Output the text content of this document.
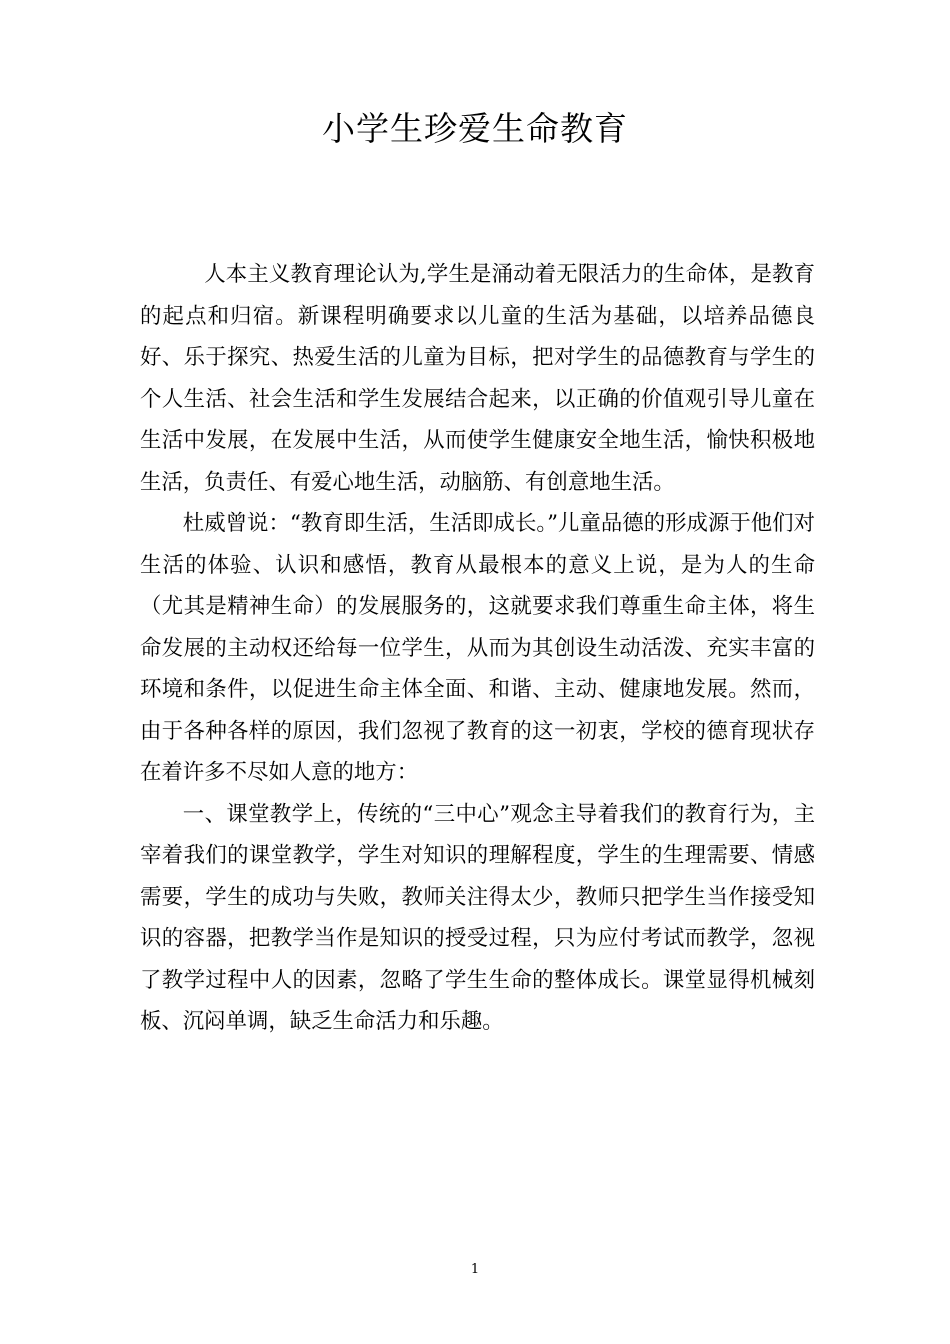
小学生珍爱生命教育

人本主义教育理论认为,学生是涌动着无限活力的生命体，是教育的起点和归宿。新课程明确要求以儿童的生活为基础，以培养品德良好、乐于探究、热爱生活的儿童为目标，把对学生的品德教育与学生的个人生活、社会生活和学生发展结合起来，以正确的价值观引导儿童在生活中发展，在发展中生活，从而使学生健康安全地生活，愉快积极地生活，负责任、有爱心地生活，动脑筋、有创意地生活。

杜威曾说：“教育即生活，生活即成长。”儿童品德的形成源于他们对生活的体验、认识和感悟，教育从最根本的意义上说，是为人的生命（尤其是精神生命）的发展服务的，这就要求我们尊重生命主体，将生命发展的主动权还给每一位学生，从而为其创设生动活泼、充实丰富的环境和条件，以促进生命主体全面、和谐、主动、健康地发展。然而，由于各种各样的原因，我们忽视了教育的这一初衷，学校的德育现状存在着许多不尽如人意的地方：

一、课堂教学上，传统的“三中心”观念主导着我们的教育行为，主宰着我们的课堂教学，学生对知识的理解程度，学生的生理需要、情感需要，学生的成功与失败，教师关注得太少，教师只把学生当作接受知识的容器，把教学当作是知识的授受过程，只为应付考试而教学，忽视了教学过程中人的因素，忽略了学生生命的整体成长。课堂显得机械刻板、沉闷单调，缺乏生命活力和乐趣。

1
